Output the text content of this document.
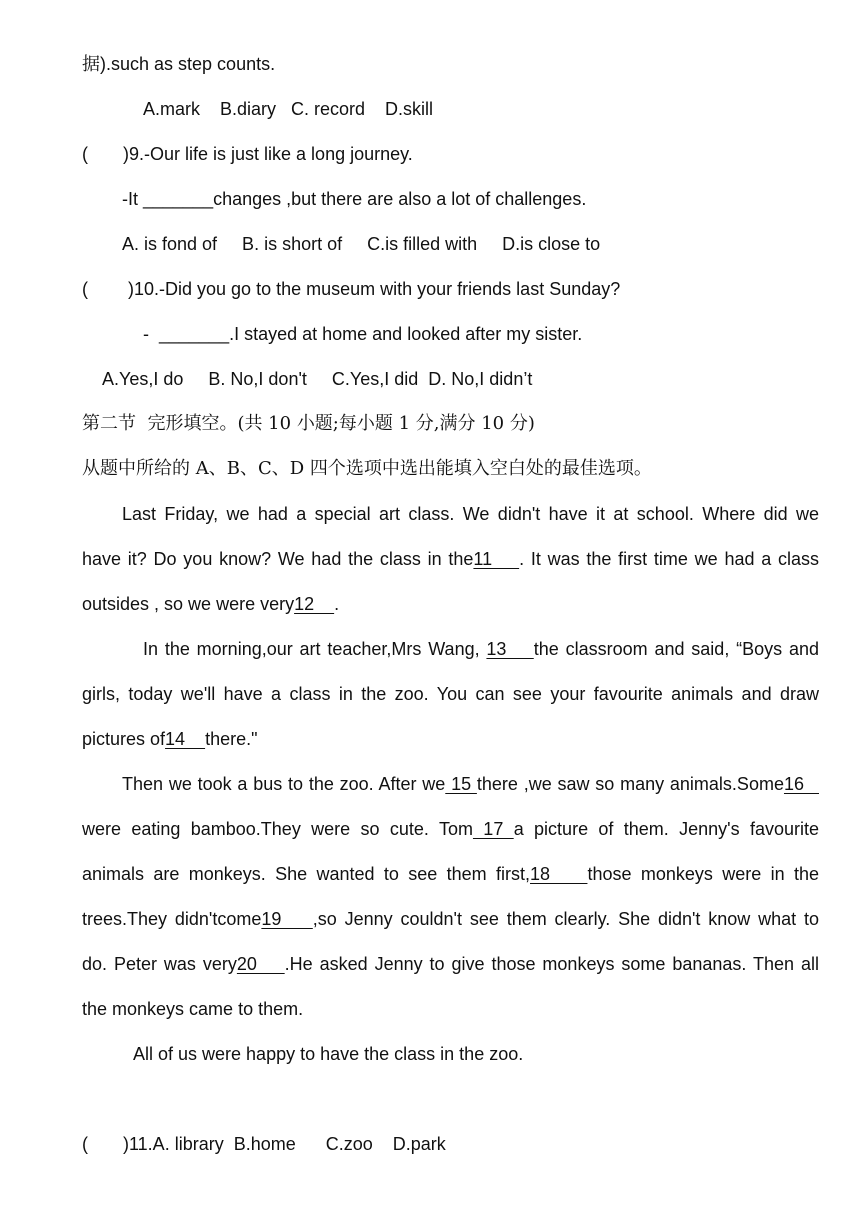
据).such as step counts.
A.mark    B.diary   C. record    D.skill
(       )9.-Our life is just like a long journey.
-It _______changes ,but there are also a lot of challenges.
A. is fond of     B. is short of     C.is filled with     D.is close to
(        )10.-Did you go to the museum with your friends last Sunday?
-  _______.I stayed at home and looked after my sister.
A.Yes,I do     B. No,I don't     C.Yes,I did  D. No,I didn’t
第二节  完形填空。(共 10 小题;每小题 1 分,满分 10 分)
从题中所给的 A、B、C、D 四个选项中选出能填入空白处的最佳选项。
Last Friday, we had a special art class. We didn't have it at school. Where did we
have it? Do you know? We had the class in the11    . It was the first time we had a class
outsides , so we were very12    .
In the morning,our art teacher,Mrs Wang, 13    the classroom and said, “Boys and
girls, today we'll have a class in the zoo. You can see your favourite animals and draw
pictures of14    there."
Then we took a bus to the zoo. After we 15 there ,we saw so many animals.Some16
were eating bamboo.They were so cute. Tom 17 a picture of them. Jenny's favourite
animals are monkeys. She wanted to see them first,18    those monkeys were in the
trees.They didn'tcome19    ,so Jenny couldn't see them clearly. She didn't know what to
do. Peter was very20    .He asked Jenny to give those monkeys some bananas. Then all
the monkeys came to them.
All of us were happy to have the class in the zoo.
(       )11.A. library  B.home      C.zoo    D.park
